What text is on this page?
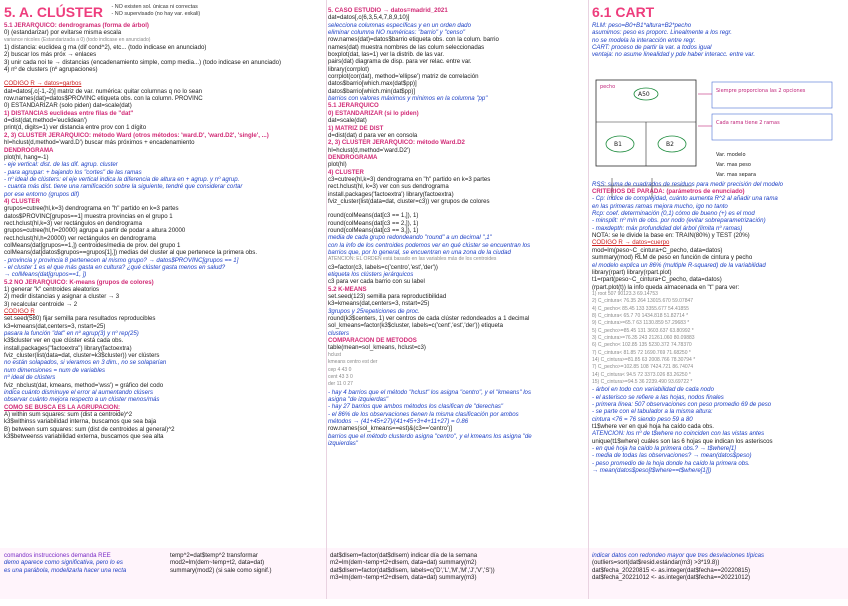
5. A. CLÚSTER - NO existen sol. únicas ni correctas
- NO supervisado (no hay var. exkali)
5.1 JERÁRQUICO: dendrogramas (forma de árbol)
0) (estandarizar) por evitarse misma escala
variance nicoles (Estandarizada a 0) (todo indicase en anunciado)
1) distancia: euclidea g ma (dif cond^2), etc... (todo indicase en anunciado)
2) buscar los más próx → enlaces
3) unir cada noi te → distancias (encadenamiento simple, comp media...) (todo indicase en anunciado)
4) nº de clusters (nº agrupaciones)
CÓDIGO R → datos=garbos
dat=datos[,c(-1,-2)] matriz de var. numérica: quitar columnas q no lo sean
row.names(dat)=datos$PROVINC etiqueta obs. con la column. PROVINC
0) ESTANDARIZAR (solo piden) dat=scale(dat)
1) DISTANCIAS euclideas entre filas de "dat"
d=dist(dat,method='euclidean')
print(d, digits=1) ver distancia entre prov con 1 dígito
2, 3) CLÚSTER JERÁRQUICO: método Ward (otros métodos: 'ward.D', 'ward.D2', 'single', ...)
hl=hclust(d,method='ward.D') buscar más próximos + encadenamiento
DENDROGRAMA
plot(hl, hang=-1)
- eje vertical: dist. de las dif. agrup. cluster
- para agrupar: + bajando los "cortes" de las ramas
- nº ideal de clústers: el eje vertical indica la diferencia de altura en + agrup. y nº agrup.
- cuanta más dist. tiene una ramificación sobre la siguiente, tendré que considerar cortar
por ese entorno (grupos dif)
4) CLÚSTER
grupos=cutree(hl,k=3) dendrograma en "h" partido en k=3 partes
datos$PROVINC[grupos==1] muestra provincias en el grupo 1
rect.hclust(hl,k=3) ver rectángulos en dendrograma
grupos=cutree(hl,h=20000) agrupa a partir de podar a altura 20000
rect.hclust(hl,h=20000) ver rectángulos en dendrograma
colMeans(dat[grupos==1,]) centroides/media de prov. del grupo 1
colMeans(dat[datos$grupos==grupos[1],]) medias del cluster al que pertenece la primera obs.
- provincia y provincia 8 pertenecen al mismo grupo? → datos$PROVINC[grupos == 1]
- el cluster 1 es el que más gasta en cultura? ¿qué clúster gasta menos en salud?
→ colMeans(dat[grupos==1, ])
5.2 NO JERÁRQUICO: K-means (grupos de colores)
1) generar "k" centroides aleatorios
2) medir distancias y asignar a cluster → 3
3) recalcular centroide → 2
CÓDIGO R
set.seed(580) fijar semilla para resultados reproducibles
k3=kmeans(dat,centers=3, nstart=25)
pasara la función "dat" en nº agrup(3) y nº rep(25)
k3$cluster ver en que clúster está cada obs.
install.packages("factoextra") library(factoextra)
fviz_cluster(list(data=dat, cluster=k3$cluster)) ver clústers
no están solapados, si vieramos en 3 dim., no se solaparían
num dimensiones = num de variables
nº ideal de clústers
fviz_nbclust(dat, kmeans, method='wss') = gráfico del codo
indica cuánto disminuye el error al aumentando clúsers
observar cuánto mejora respecto a un clúster menos/más
CÓMO SE BUSCA ES LA AGRUPACIÓN:
A) within sum squares: sum (dist a centroide)^2
k3$withinss variabilidad interna, buscamos que sea baja
B) between sum squares: sum (dist de centroides al general)^2
k3$betweenss variabilidad externa, buscamos que sea alta
5. CASO ESTUDIO → datos=madrid_2021
dat=datos[,c(6,3,5,4,7,8,9,10)]
selecciona columnas específicas y en un orden dado
eliminar columna NO numéricas: "barrio" y "censo"
row.names(dat)=datos$barrio etiqueta obs. con la colum. barrio
names(dat) muestra nombres de las colum seleccionadas
boxplot(dat, las=1) ver la distrib. de las var.
pairs(dat) diagrama de disp. para ver relac. entre var.
library(corrplot)
corrplot(cor(dat), method='ellipse') matriz de correlación
datos$barrio[which.max(dat$pp)]
datos$barrio[which.min(dat$pp)]
barrios con valores máximos y mínimos en la columna "pp"
5.1 JERÁRQUICO
0) ESTANDARIZAR (si lo piden)
dat=scale(dat)
1) MATRIZ DE DIST
d=dist(dat) d para ver en consola
2, 3) CLÚSTER JERÁRQUICO: método Ward.D2
hl=hclust(d,method='ward.D2')
DENDROGRAMA
plot(hl)
4) CLÚSTER
c3=cutree(hl,k=3) dendrograma en "h" partido en k=3 partes
rect.hclust(hl, k=3) ver con sus dendrograma
install.packages('factoextra') library(factoextra)
fviz_cluster(list(data=dat, cluster=c3)) ver grupos de colores
round(colMeans(dat[c3 == 1,]), 1)
round(colMeans(dat[c3 == 2,]), 1)
round(colMeans(dat[c3 == 3,]), 1)
media de cada grupo redondeando "round" a un decimal ",1"
con la info de los centroides podemos ver en qué clúster se encuentran los
barrios que, por lo general, se encuentran en una zona de la ciudad
ATENCIÓN: EL ORDEN está basado en las variables más de los centroides
c3=factor(c3, labels=c('centro','est','der'))
etiqueta los clústers jerárquicos
c3 para ver cada barrio con su label
5.2 K-MEANS
set.seed(123) semilla para reproductibilidad
k3=kmeans(dat,centers=3, nstart=25)
3grupos y 25repeticiones de proc.
round(k3$centers, 1) ver centros de cada clúster redondeados a 1 decimal
sol_kmeans=factor(k3$cluster, labels=c('cent','est','der')) etiqueta
clusters
COMPARACIÓN DE MÉTODOS
table(mean=sol_kmeans, hclust=c3)
hclust
kmeans centro est der
cep 4 43 0
cent 43 3 0
der 11 0 27
- hay 4 barrios que el método "hclust" los asigna "centro", y el "kmeans" los
asigna "de izquierdas"
- hay 27 barrios que ambos métodos los clasifican de "derechas"
- el 86% de los observaciones tienen la misma clasificación por ambos
métodos → (41+45+27)/(41+45+3+4+11+27) = 0.86
row.names(sol_kmeans==est)&(c3=='centro')]
barrios que el método clusterdo asigna "centro", y el kmeans los asigna "de
izquierdas"
6.1 CART
RLM: peso=B0+B1*altura+B2*pecho
asumimos: peso es proporc. Linealmente a los regr.
no se modela la interacción entre regr.
CART: proceso de partir la var. a todos igual
ventaja: no asume linealidad y pde haber interacc. entre var.
RSS: suma de cuadrados de residuos para medir precisión del modelo
CRITERIOS DE PARADA: (parámetros de enunciado)
- Cp: índice de complejidad, cuánto aumenta R^2 al añadir una rama
en las primeras ramas mejora mucho, igo no tanto
Rcp: coef. determinación (0,1) cómo de bueno (+) es el mod
- minsplit: nº mín de obs. por nodo (evitar sobreparametrización)
- maxdepth: máx profundidad del árbol (limita nº ramas)
NOTA: se le divide la base en: TRAIN(80%) y TEST (20%)
CÓDIGO R → datos=cuerpo
mod=lm(peso~C_cintura+C_pecho, data=datos)
summary(mod) RLM de peso en función de cintura y pecho
el modelo explica un 86% (multiple R-squared) de la variabilidad
library(rpart) library(rpart.plot)
t1=rpart(peso~C_cintura+C_pecho, data=datos)
(rpart.plot(t)) la info queda almacenada en "t" para ver:
1) root 507 90123.3 69.14753
2) C_cintura< 76.35 264 13015.670 59.07847
4) C_pecho< 85.45 133 3355.677 54.41855
8) C_cintura< 65.7 70 1434.818 51.82714 *
9) C_cintura>=65.7 63 1130.859 57.29683 *
5) C_pecho>=85.45 131 3603.637 63.80992 *
3) C_cintura>=76.35 243 21261.060 80.09883
6) C_pecho< 102.85 135 5230.372 74.78370
7) C_cintura< 81.85 72 1690.769 71.68250 *
14) C_cintura>=81.85 63 2008.766 78.30794 *
7) C_pecho>=102.85 108 7424.721 86.74074
14) C_cintura< 94.5 72 3373.026 83.26250 *
15) C_cintura>=94.5 36 2239.490 93.69722 *
- árbol en todo con variabilidad de cada nodo
- el asterisco se refiere a las hojas, nodos finales
- primera línea: 507 observaciones con peso promedio 69 de peso
- se parte con el tabulador a la misma altura:
cintura <76 = 76 siendo peso 59 a 80
t1$where ver en qué hoja ha caído cada obs.
ATENCIÓN: los nº de t$where no coinciden con las vistas antes
unique(t1$where) cuáles son las 6 hojas que indican los asteriscos
- en qué hoja ha caído la primera obs.? → t$where[1]
- media de todas las observaciones? → mean(datos$peso)
- peso promedio de la hoja donde ha caído la primera obs.
→ mean(datos$peso[t$where==t$where[1]])
A50
B1	B2
pecho
Siempre proporciona las 2 opciones
Cada rama tiene 2 ramas
Var. modelo
Var. mas peso
Var. mas separa
comandos instrucciones demanda REE
demo aparece como significativa, pero lo es
es una parábola, modelizarla hacer una recta
temp^2=dat$temp^2 transformar
mod2=lm(dem~temp+t2, data=dat)
summary(mod2) (si sale como signif.)
dat$dlsem=factor(dat$dlsem) indicar día de la semana
m2=lm(dem~temp+t2+dlsem, data=dat) summary(m2)
dat$dlsem=factor(dat$dlsem, labels=c('D','L','M','M','J','V','S'))
m3=lm(dem~temp+t2+dlsem, data=dat) summary(m3)
indicar datos con redondeo mayor que tres desviaciones típicas
(outliers=sort(dat$resid.estándar(m3) >3*19.8))
dat$fecha_20220815 <- as.integer(dat$fecha==20220815)
dat$fecha_20221012 <- as.integer(dat$fecha==20221012)
